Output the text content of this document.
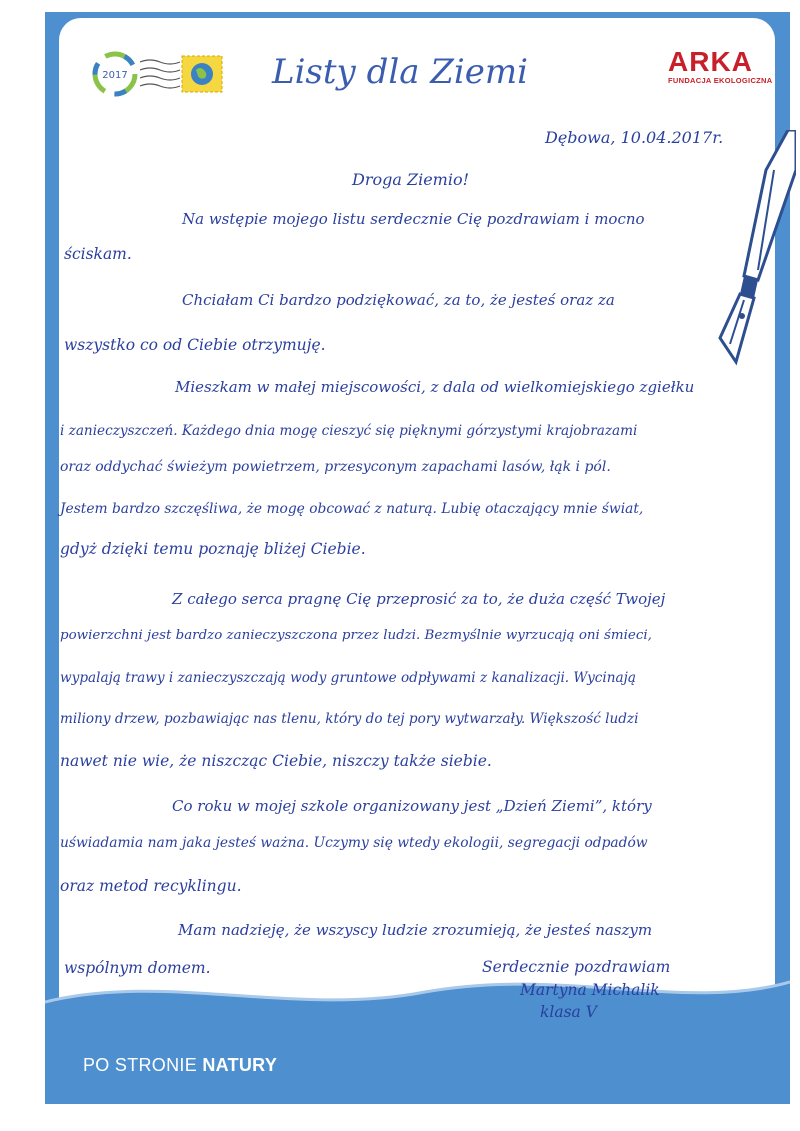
PO STRONIE NATURY
2017	Listy dla Ziemi	ARKA
FUNDACJA EKOLOGICZNA
Dębowa, 10.04.2017r.
Droga Ziemio!
Na wstępie mojego listu serdecznie Cię pozdrawiam i mocno
ściskam.
Chciałam Ci bardzo podziękować, za to, że jesteś oraz za
wszystko co od Ciebie otrzymuję.
Mieszkam w małej miejscowości, z dala od wielkomiejskiego zgiełku
i zanieczyszczeń. Każdego dnia mogę cieszyć się pięknymi górzystymi krajobrazami
oraz oddychać świeżym powietrzem, przesyconym zapachami lasów, łąk i pól.
Jestem bardzo szczęśliwa, że mogę obcować z naturą. Lubię otaczający mnie świat,
gdyż dzięki temu poznaję bliżej Ciebie.
Z całego serca pragnę Cię przeprosić za to, że duża część Twojej
powierzchni jest bardzo zanieczyszczona przez ludzi. Bezmyślnie wyrzucają oni śmieci,
wypalają trawy i zanieczyszczają wody gruntowe odpływami z kanalizacji. Wycinają
miliony drzew, pozbawiając nas tlenu, który do tej pory wytwarzały. Większość ludzi
nawet nie wie, że niszcząc Ciebie, niszczy także siebie.
Co roku w mojej szkole organizowany jest „Dzień Ziemi”, który
uświadamia nam jaka jesteś ważna. Uczymy się wtedy ekologii, segregacji odpadów
oraz metod recyklingu.
Mam nadzieję, że wszyscy ludzie zrozumieją, że jesteś naszym
wspólnym domem.	Serdecznie pozdrawiam
Martyna Michalik
klasa V
